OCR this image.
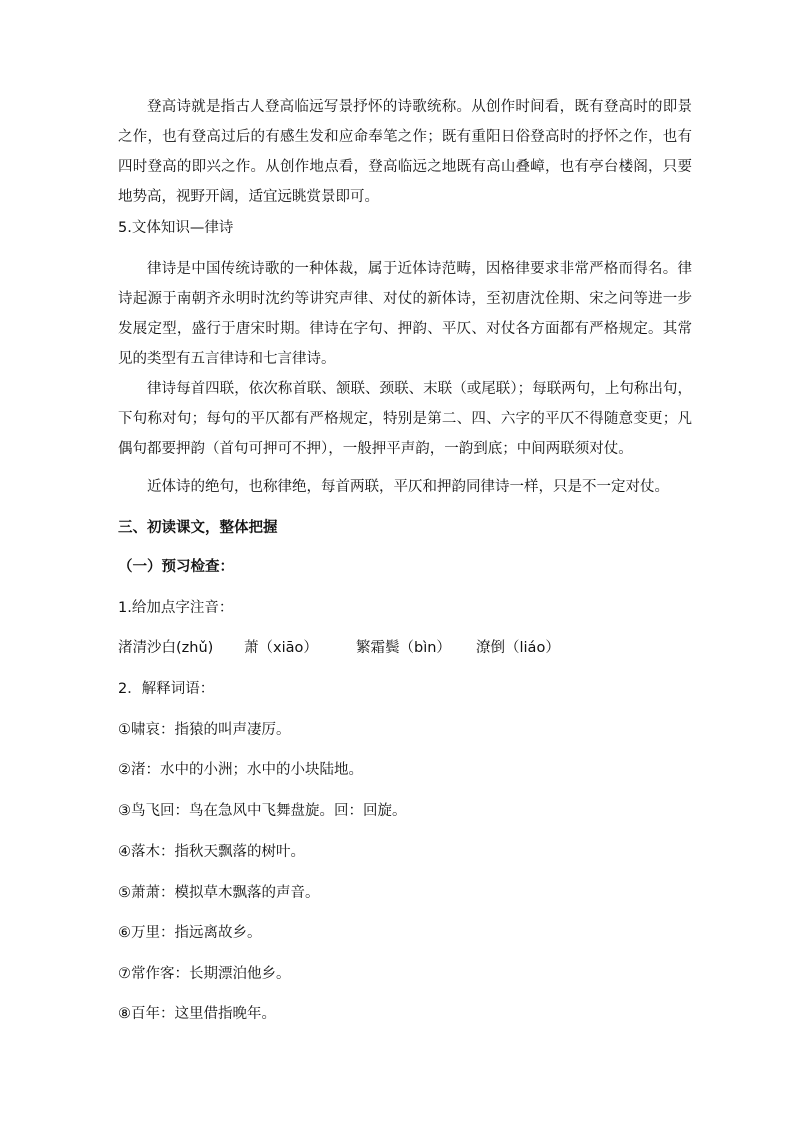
登高诗就是指古人登高临远写景抒怀的诗歌统称。从创作时间看，既有登高时的即景之作，也有登高过后的有感生发和应命奉笔之作；既有重阳日俗登高时的抒怀之作，也有四时登高的即兴之作。从创作地点看，登高临远之地既有高山叠嶂，也有亭台楼阁，只要地势高，视野开阔，适宜远眺赏景即可。

5.文体知识—律诗

律诗是中国传统诗歌的一种体裁，属于近体诗范畴，因格律要求非常严格而得名。律诗起源于南朝齐永明时沈约等讲究声律、对仗的新体诗，至初唐沈佺期、宋之问等进一步发展定型，盛行于唐宋时期。律诗在字句、押韵、平仄、对仗各方面都有严格规定。其常见的类型有五言律诗和七言律诗。

律诗每首四联，依次称首联、颔联、颈联、末联（或尾联）；每联两句，上句称出句，下句称对句；每句的平仄都有严格规定，特别是第二、四、六字的平仄不得随意变更；凡偶句都要押韵（首句可押可不押），一般押平声韵，一韵到底；中间两联须对仗。

近体诗的绝句，也称律绝，每首两联，平仄和押韵同律诗一样，只是不一定对仗。

三、初读课文，整体把握

（一）预习检查：

1.给加点字注音：

渚清沙白(zhǔ) 萧（xiāo）	繁霜鬓（bìn） 潦倒（liáo）

2．解释词语：

①啸哀：指猿的叫声凄厉。

②渚：水中的小洲；水中的小块陆地。

③鸟飞回：鸟在急风中飞舞盘旋。回：回旋。

④落木：指秋天飘落的树叶。

⑤萧萧：模拟草木飘落的声音。

⑥万里：指远离故乡。

⑦常作客：长期漂泊他乡。

⑧百年：这里借指晚年。
